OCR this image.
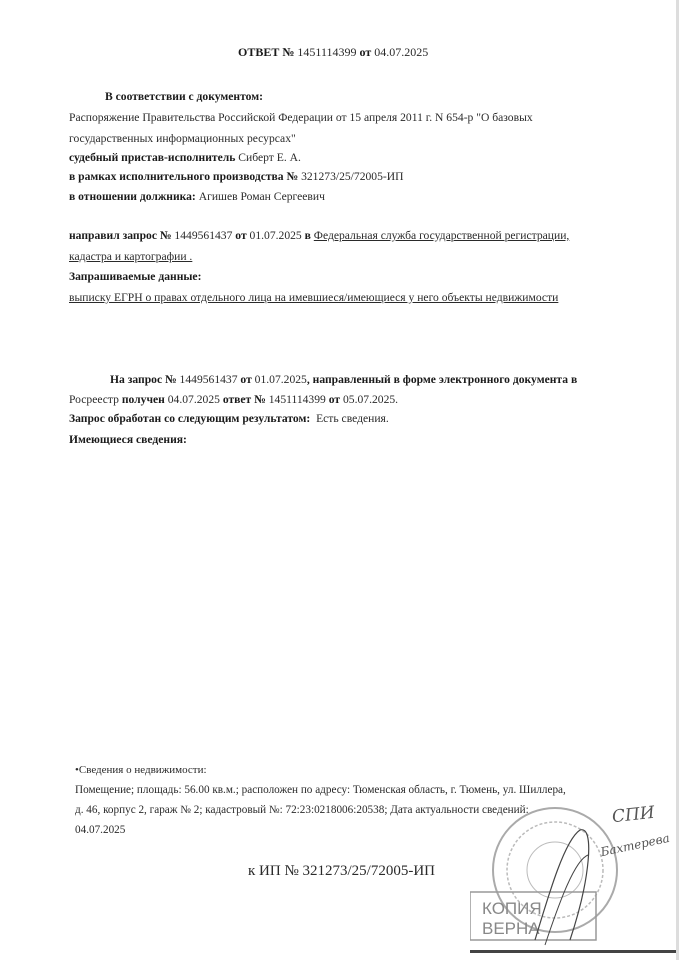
ОТВЕТ № 1451114399 от 04.07.2025
В соответствии с документом:
Распоряжение Правительства Российской Федерации от 15 апреля 2011 г. N 654-р "О базовых
государственных информационных ресурсах"
судебный пристав-исполнитель Сиберт Е. А.
в рамках исполнительного производства № 321273/25/72005-ИП
в отношении должника: Агишев Роман Сергеевич
направил запрос № 1449561437 от 01.07.2025 в Федеральная служба государственной регистрации,
кадастра и картографии .
Запрашиваемые данные:
выписку ЕГРН о правах отдельного лица на имевшиеся/имеющиеся у него объекты недвижимости
На запрос № 1449561437 от 01.07.2025, направленный в форме электронного документа в
Росреестр получен 04.07.2025 ответ № 1451114399 от 05.07.2025.
Запрос обработан со следующим результатом: Есть сведения.
Имеющиеся сведения:
•Сведения о недвижимости:
Помещение; площадь: 56.00 кв.м.; расположен по адресу: Тюменская область, г. Тюмень, ул. Шиллера,
д. 46, корпус 2, гараж № 2; кадастровый №: 72:23:0218006:20538; Дата актуальности сведений:
04.07.2025
к ИП № 321273/25/72005-ИП
КОПИЯ
ВЕРНА
СПИ
Бахтерева
